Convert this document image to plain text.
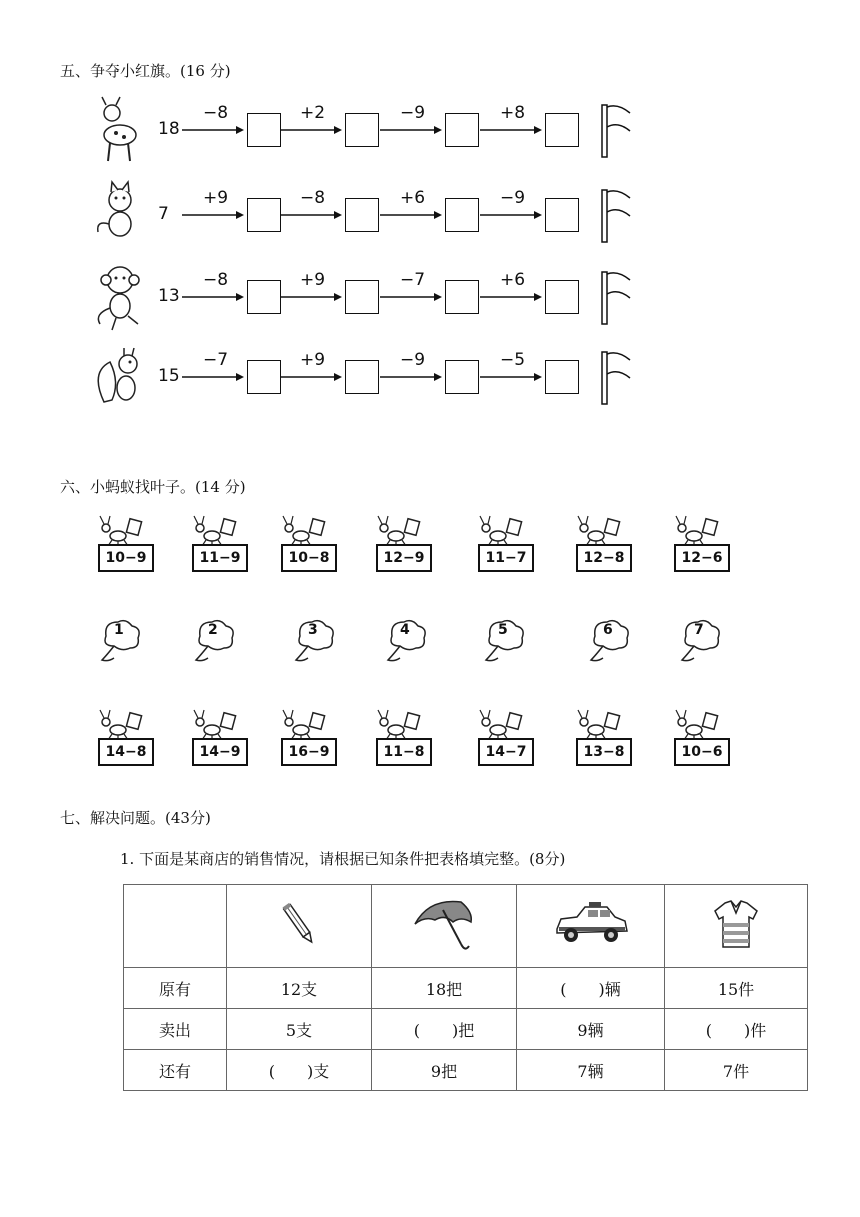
五、争夺小红旗。(16 分)
18
−8	+2	−9	+8
7
+9	−8	+6	−9
13
−8	+9	−7	+6
15
−7	+9	−9	−5
六、小蚂蚁找叶子。(14 分)
10−9	11−9	10−8	12−9	11−7	12−8	12−6
1	2	3	4	5	6	7
14−8	14−9	16−9	11−8	14−7	13−8	10−6
七、解决问题。(43分)
1. 下面是某商店的销售情况，请根据已知条件把表格填完整。(8分)

原有	12支	18把	(　　)辆	15件
卖出	5支	(　　)把	9辆	(　　)件
还有	(　　)支	9把	7辆	7件
